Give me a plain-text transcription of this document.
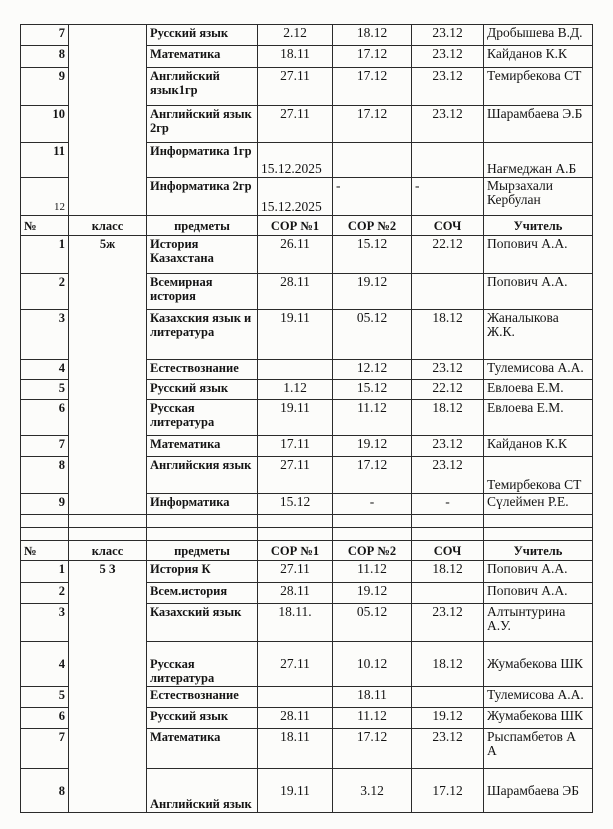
7		Русский язык	2.12	18.12	23.12	Дробышева В.Д.
8		Математика	18.11	17.12	23.12	Кайданов К.К
9		Английский язык1гр	27.11	17.12	23.12	Темирбекова СТ
10		Английский язык 2гр	27.11	17.12	23.12	Шарамбаева Э.Б
11		Информатика 1гр	15.12.2025			Нағмеджан А.Б
12		Информатика 2гр	15.12.2025	-	-	Мырзахали Кербулан
№	класс	предметы	СОР №1	СОР №2	СОЧ	Учитель
1	5ж	История Казахстана	26.11	15.12	22.12	Попович А.А.
2		Всемирная история	28.11	19.12		Попович А.А.
3		Казахския язык и литература	19.11	05.12	18.12	Жаналыкова Ж.К.
4		Естествознание		12.12	23.12	Тулемисова А.А.
5		Русский язык	1.12	15.12	22.12	Евлоева Е.М.
6		Русская литература	19.11	11.12	18.12	Евлоева Е.М.
7		Математика	17.11	19.12	23.12	Кайданов К.К
8		Английския язык	27.11	17.12	23.12	Темирбекова СТ
9		Информатика	15.12	-	-	Сүлеймен Р.Е.

№	класс	предметы	СОР №1	СОР №2	СОЧ	Учитель
1	5 З	История К	27.11	11.12	18.12	Попович А.А.
2		Всем.история	28.11	19.12		Попович А.А.
3		Казахский язык	18.11.	05.12	23.12	Алтынтурина А.У.
4		Русская литература	27.11	10.12	18.12	Жумабекова ШК
5		Естествознание		18.11		Тулемисова А.А.
6		Русский язык	28.11	11.12	19.12	Жумабекова ШК
7		Математика	18.11	17.12	23.12	Рыспамбетов А А
8		Английский язык	19.11	3.12	17.12	Шарамбаева ЭБ
